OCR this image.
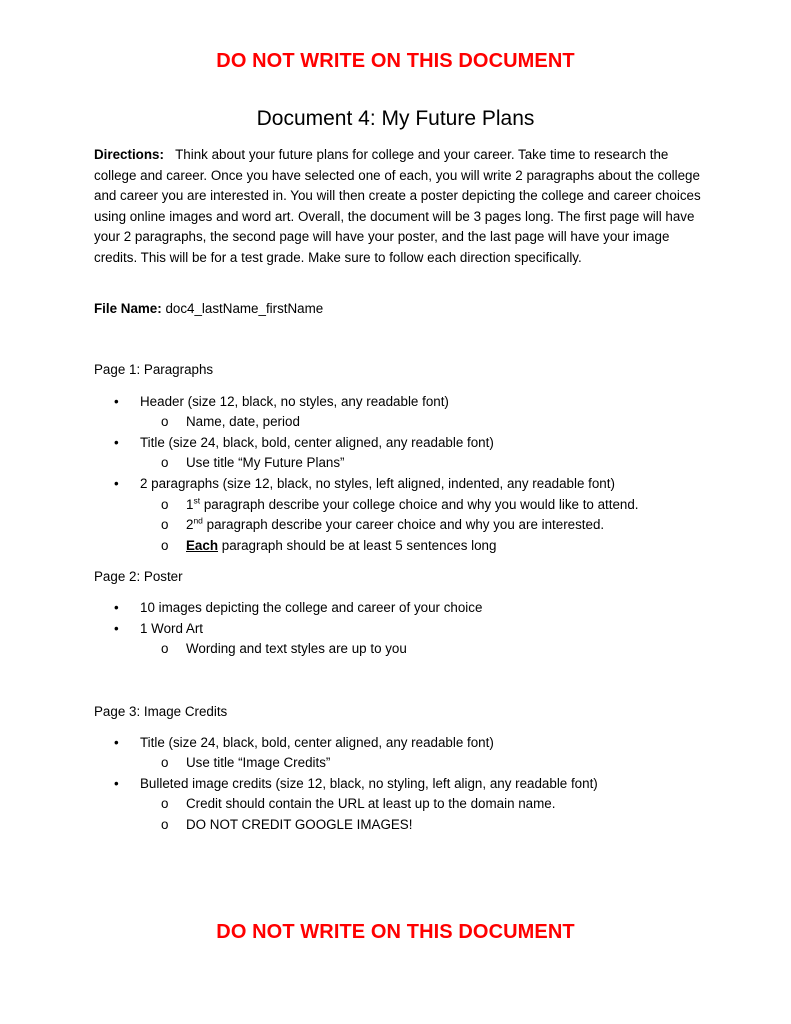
DO NOT WRITE ON THIS DOCUMENT
Document 4: My Future Plans
Directions: Think about your future plans for college and your career. Take time to research the college and career. Once you have selected one of each, you will write 2 paragraphs about the college and career you are interested in. You will then create a poster depicting the college and career choices using online images and word art. Overall, the document will be 3 pages long. The first page will have your 2 paragraphs, the second page will have your poster, and the last page will have your image credits. This will be for a test grade. Make sure to follow each direction specifically.
File Name: doc4_lastName_firstName
Page 1: Paragraphs
• Header (size 12, black, no styles, any readable font)
o Name, date, period
• Title (size 24, black, bold, center aligned, any readable font)
o Use title “My Future Plans”
• 2 paragraphs (size 12, black, no styles, left aligned, indented, any readable font)
o 1st paragraph describe your college choice and why you would like to attend.
o 2nd paragraph describe your career choice and why you are interested.
o Each paragraph should be at least 5 sentences long
Page 2: Poster
• 10 images depicting the college and career of your choice
• 1 Word Art
o Wording and text styles are up to you
Page 3: Image Credits
• Title (size 24, black, bold, center aligned, any readable font)
o Use title “Image Credits”
• Bulleted image credits (size 12, black, no styling, left align, any readable font)
o Credit should contain the URL at least up to the domain name.
o DO NOT CREDIT GOOGLE IMAGES!
DO NOT WRITE ON THIS DOCUMENT
